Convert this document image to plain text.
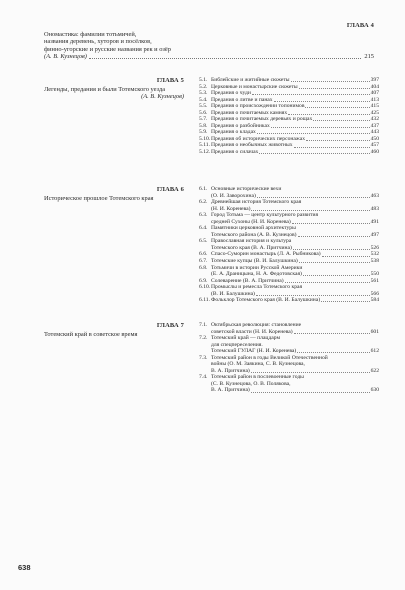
ГЛАВА 4
Ономастика: фамилии тотьмичей,
названия деревень, хуторов и посёлков,
финно-угорские и русские названия рек и озёр
(А. В. Кузнецов)	215
ГЛАВА 5
Легенды, предания и были Тотемского уезда
(А. В. Кузнецов)
5.1. Библейские и житийные сюжеты	397
5.2. Церковные и монастырские сюжеты	404
5.3. Предания о чуди	407
5.4. Предания о литве и панах	413
5.5. Предания о происхождении топонимов	415
5.6. Предания о почитаемых камнях	425
5.7. Предания о почитаемых деревьях и рощах	432
5.8. Предания о разбойниках	437
5.9. Предания о кладах	443
5.10. Предания об исторических персонажах	450
5.11. Предания о необычных животных	457
5.12. Предания о силачах	460
ГЛАВА 6
Историческое прошлое Тотемского края
6.1. Основные исторические вехи
(О. И. Заворохина)	463
6.2. Древнейшая история Тотемского края
(Н. И. Коренева)	483
6.3. Город Тотьма — центр культурного развития
средней Сухоны (Н. И. Коренева)	491
6.4. Памятники церковной архитектуры
Тотемского района (А. В. Кузнецов)	497
6.5. Православная история и культура
Тотемского края (В. А. Притчина)	526
6.6. Спасо-Суморин монастырь (Л. А. Рыбникова)	532
6.7. Тотемские купцы (В. И. Балушкина)	538
6.8. Тотьмичи в истории Русской Америки
(Е. А. Драницына, Н. А. Федотовская)	550
6.9. Солеварение (В. А. Притчина)	561
6.10. Промыслы и ремесла Тотемского края
(В. И. Балушкина)	566
6.11. Фольклор Тотемского края (В. И. Балушкина)	584
ГЛАВА 7
Тотемский край в советское время
7.1. Октябрьская революция: становление
советской власти (Н. И. Коренева)	601
7.2. Тотемский край — плацдарм
для спецпереселения.
Тотемский ГУЛАГ (Н. И. Коренева)	612
7.3. Тотемский район в годы Великой Отечественной
войны (О. М. Заякина, С. В. Кузнецова,
В. А. Притчина)	622
7.4. Тотемский район в послевоенные годы
(С. В. Кузнецова, О. В. Полякова,
В. А. Притчина)	630
638
